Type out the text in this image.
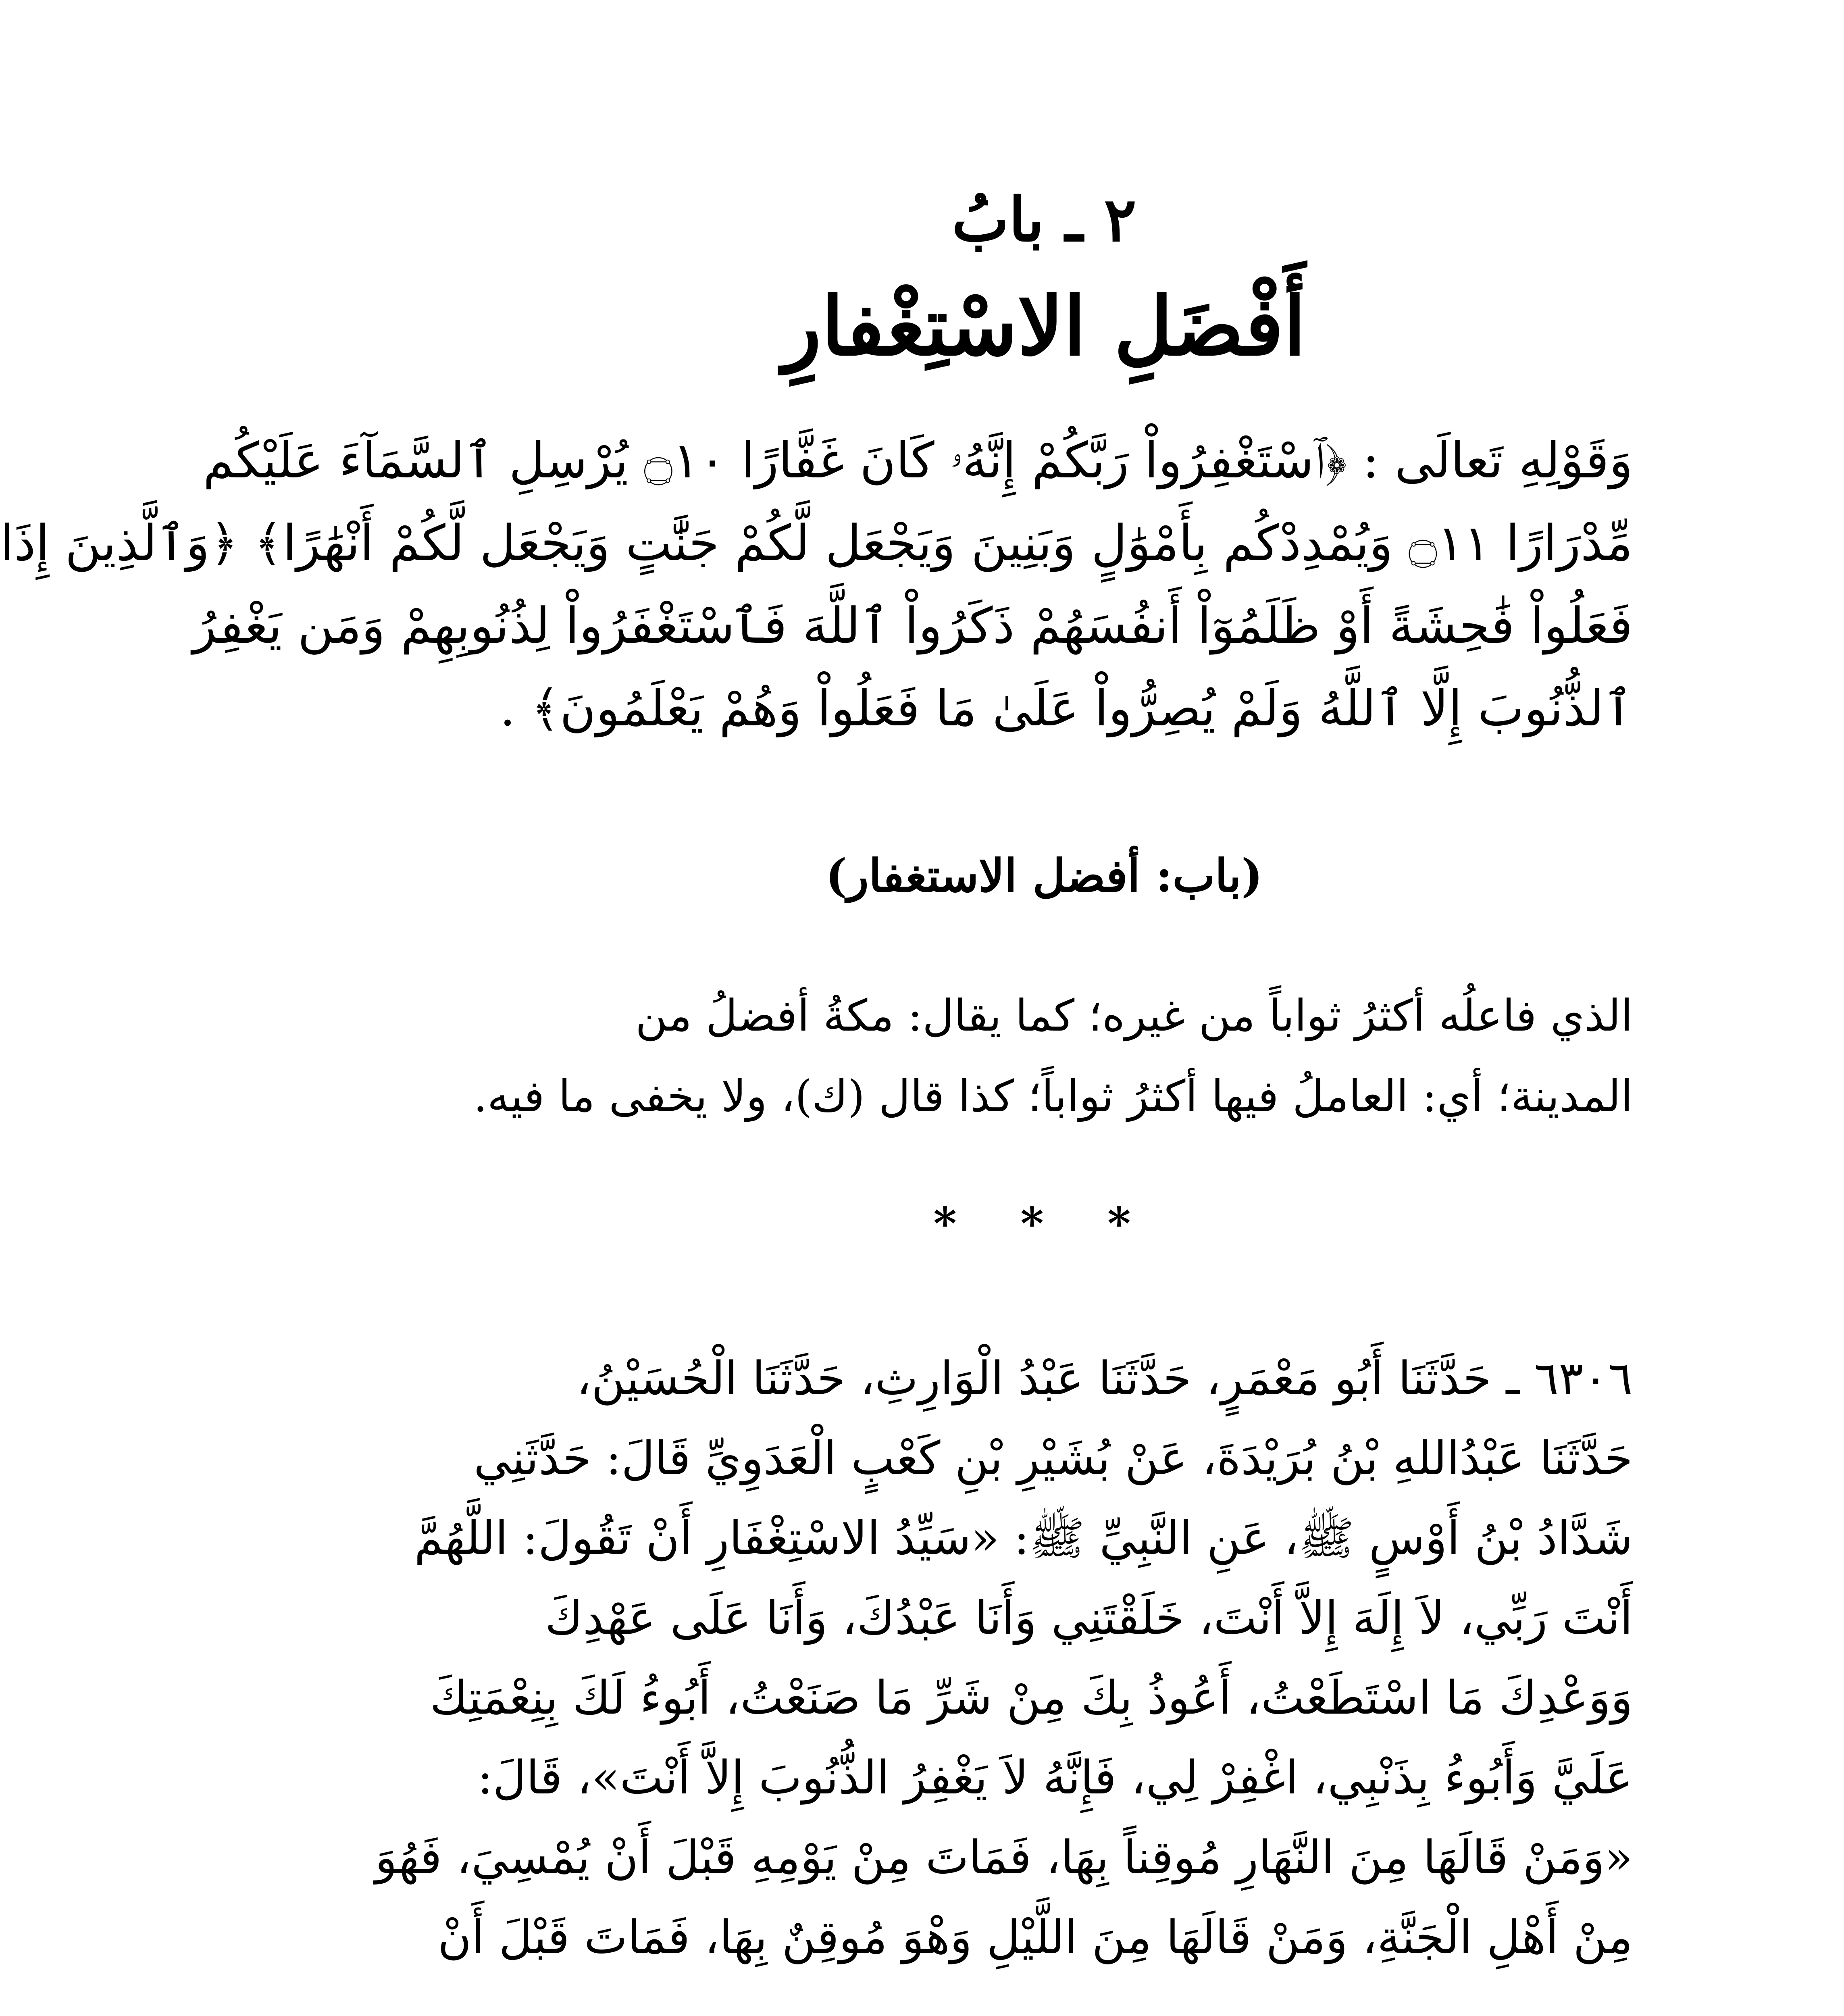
٢ ـ بابُ
أَفْضَلِ الاسْتِغْفارِ
وَقَوْلِهِ تَعالَى : ﴿ٱسْتَغْفِرُواْ رَبَّكُمْ إِنَّهُۥ كَانَ غَفَّارًا ۝١٠ يُرْسِلِ ٱلسَّمَآءَ عَلَيْكُم
مِّدْرَارًا ۝١١ وَيُمْدِدْكُم بِأَمْوَٰلٍ وَبَنِينَ وَيَجْعَل لَّكُمْ جَنَّٰتٍ وَيَجْعَل لَّكُمْ أَنْهَٰرًا﴾ ﴿وَٱلَّذِينَ إِذَا
فَعَلُواْ فَٰحِشَةً أَوْ ظَلَمُوٓاْ أَنفُسَهُمْ ذَكَرُواْ ٱللَّهَ فَٱسْتَغْفَرُواْ لِذُنُوبِهِمْ وَمَن يَغْفِرُ
ٱلذُّنُوبَ إِلَّا ٱللَّهُ وَلَمْ يُصِرُّواْ عَلَىٰ مَا فَعَلُواْ وَهُمْ يَعْلَمُونَ﴾ .
(باب: أفضل الاستغفار)
الذي فاعلُه أكثرُ ثواباً من غيره؛ كما يقال: مكةُ أفضلُ من
المدينة؛ أي: العاملُ فيها أكثرُ ثواباً؛ كذا قال (ك)، ولا يخفى ما فيه.
* * *
٦٣٠٦ ـ حَدَّثَنَا أَبُو مَعْمَرٍ، حَدَّثَنَا عَبْدُ الْوَارِثِ، حَدَّثَنَا الْحُسَيْنُ،
حَدَّثَنَا عَبْدُاللهِ بْنُ بُرَيْدَةَ، عَنْ بُشَيْرِ بْنِ كَعْبٍ الْعَدَوِيِّ قَالَ: حَدَّثَنِي
شَدَّادُ بْنُ أَوْسٍ ﷺ، عَنِ النَّبِيِّ ﷺ: «سَيِّدُ الاسْتِغْفَارِ أَنْ تَقُولَ: اللَّهُمَّ
أَنْتَ رَبِّي، لاَ إِلَهَ إِلاَّ أَنْتَ، خَلَقْتَنِي وَأَنَا عَبْدُكَ، وَأَنَا عَلَى عَهْدِكَ
وَوَعْدِكَ مَا اسْتَطَعْتُ، أَعُوذُ بِكَ مِنْ شَرِّ مَا صَنَعْتُ، أَبُوءُ لَكَ بِنِعْمَتِكَ
عَلَيَّ وَأَبُوءُ بِذَنْبِي، اغْفِرْ لِي، فَإِنَّهُ لاَ يَغْفِرُ الذُّنُوبَ إِلاَّ أَنْتَ»، قَالَ:
«وَمَنْ قَالَهَا مِنَ النَّهَارِ مُوقِناً بِهَا، فَمَاتَ مِنْ يَوْمِهِ قَبْلَ أَنْ يُمْسِيَ، فَهُوَ
مِنْ أَهْلِ الْجَنَّةِ، وَمَنْ قَالَهَا مِنَ اللَّيْلِ وَهْوَ مُوقِنٌ بِهَا، فَمَاتَ قَبْلَ أَنْ
